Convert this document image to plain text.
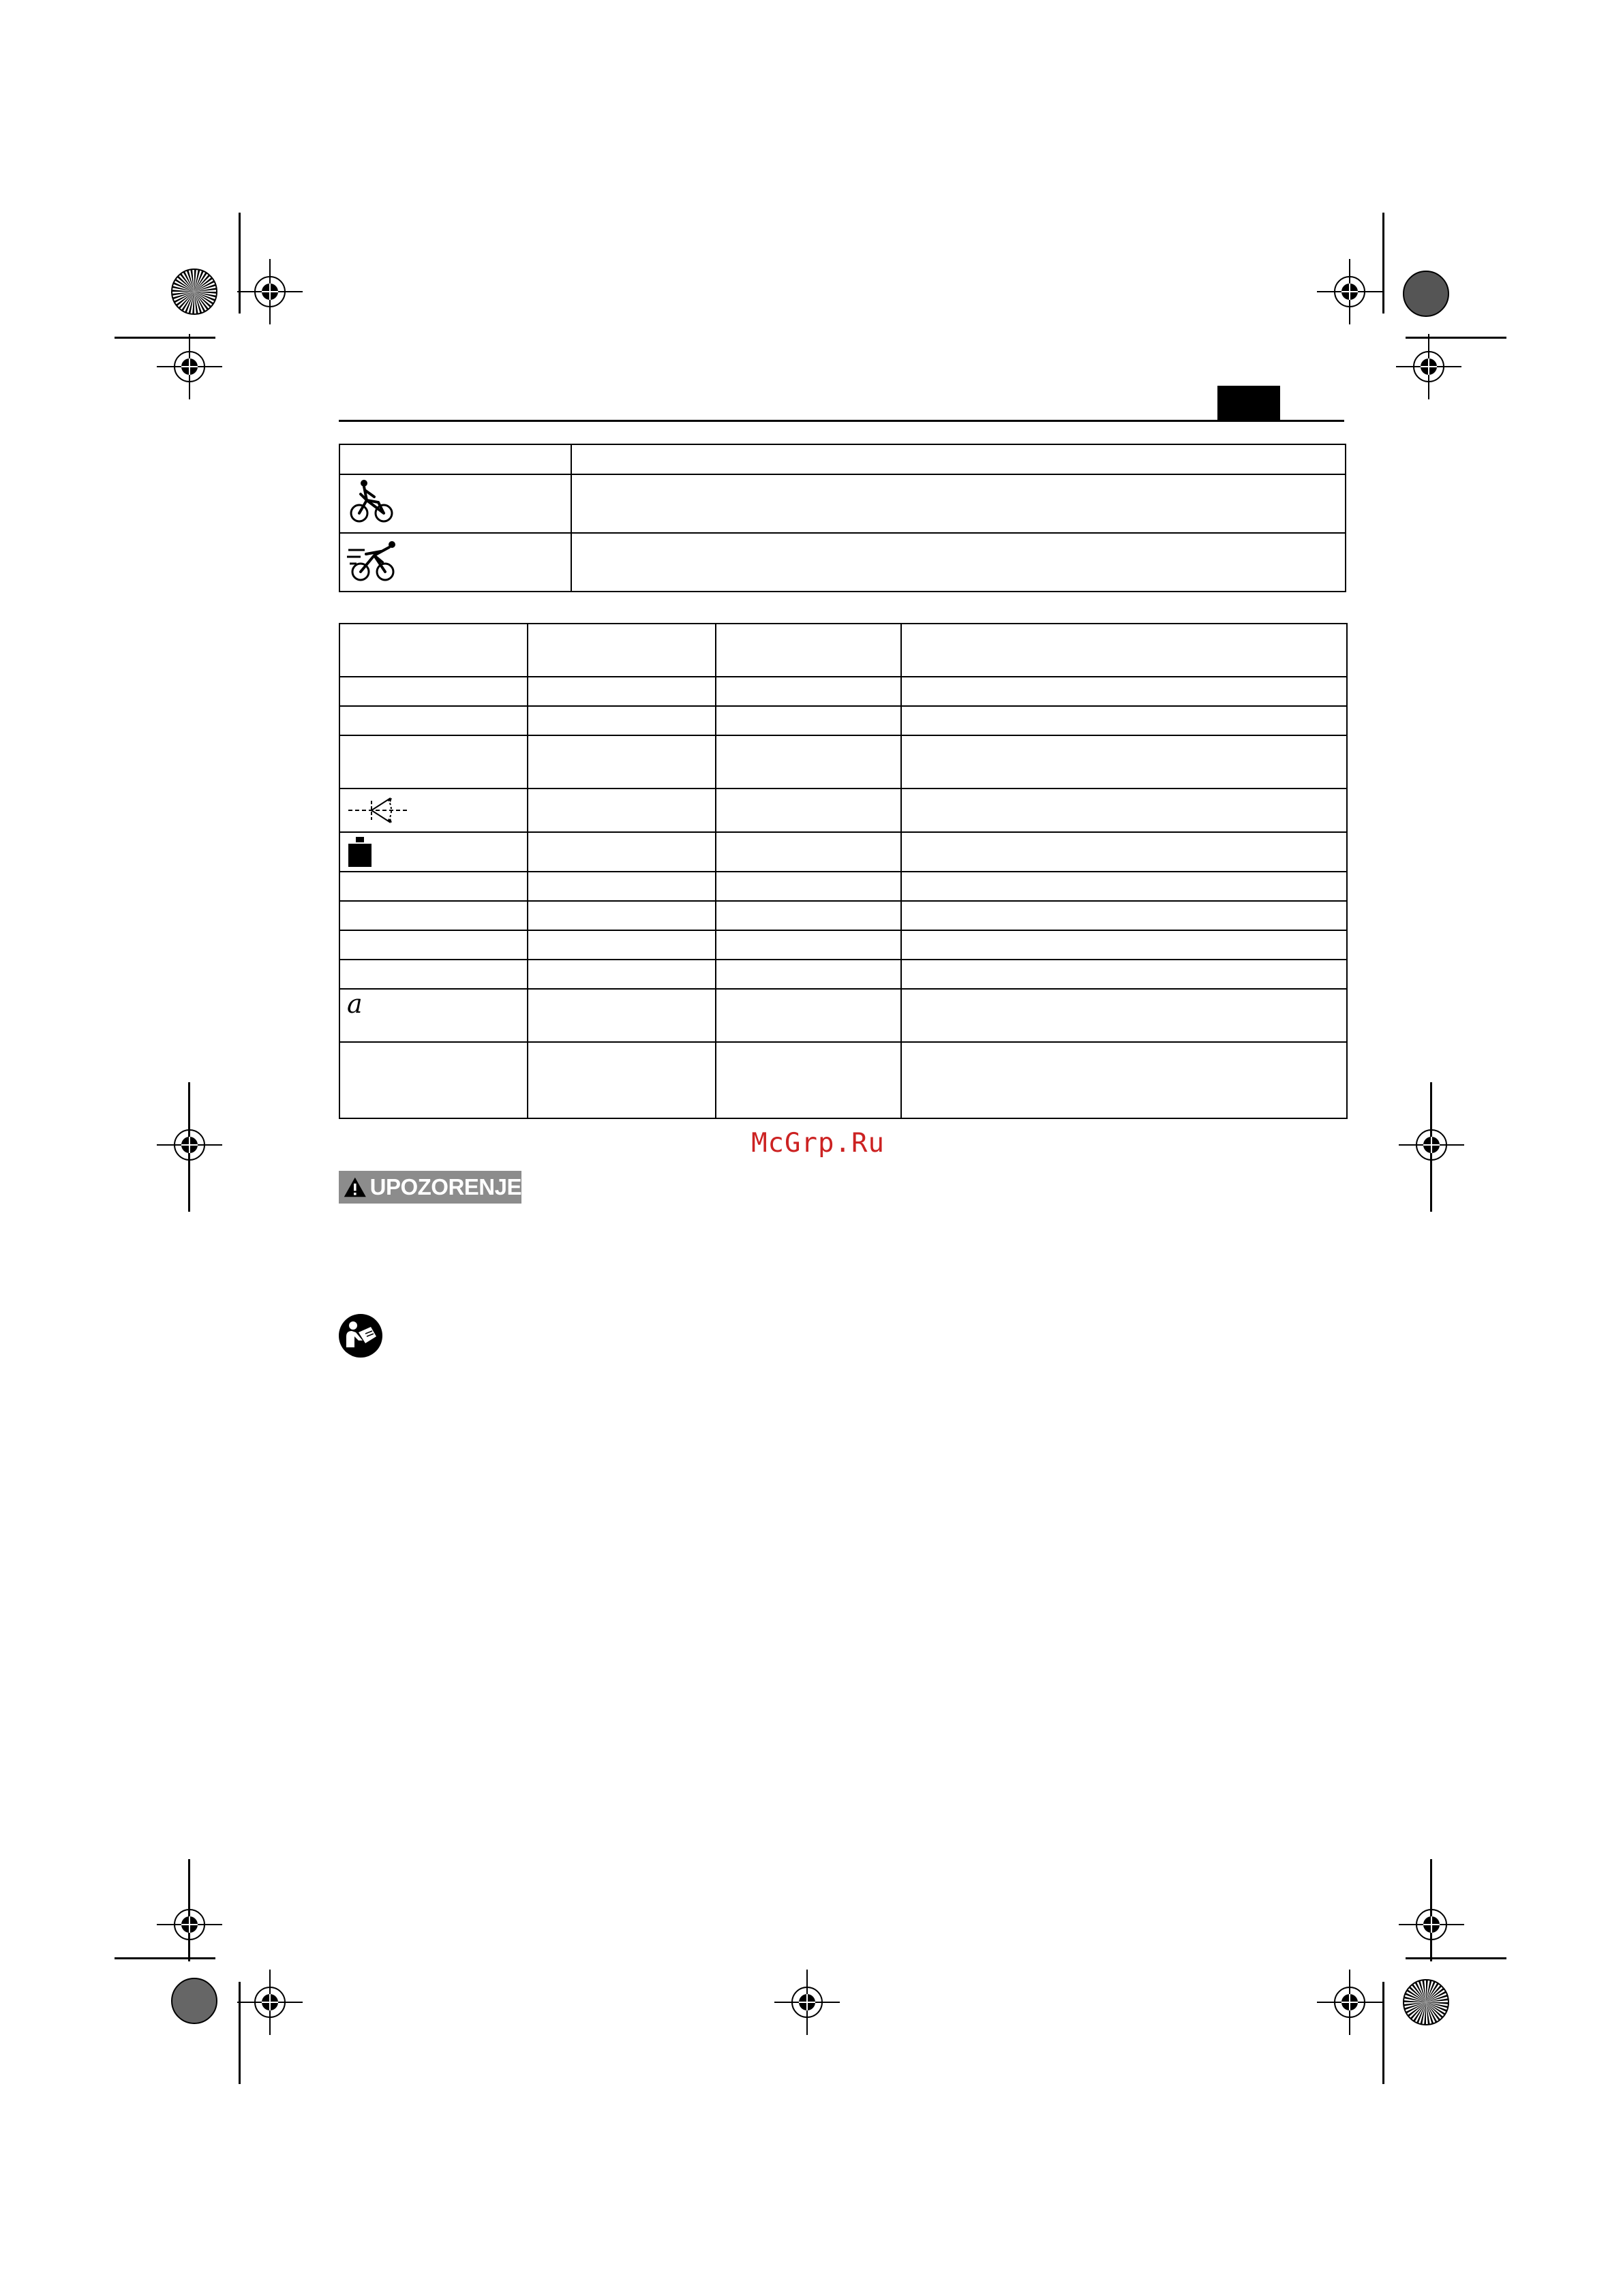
a			

McGrp.Ru
UPOZORENJE
